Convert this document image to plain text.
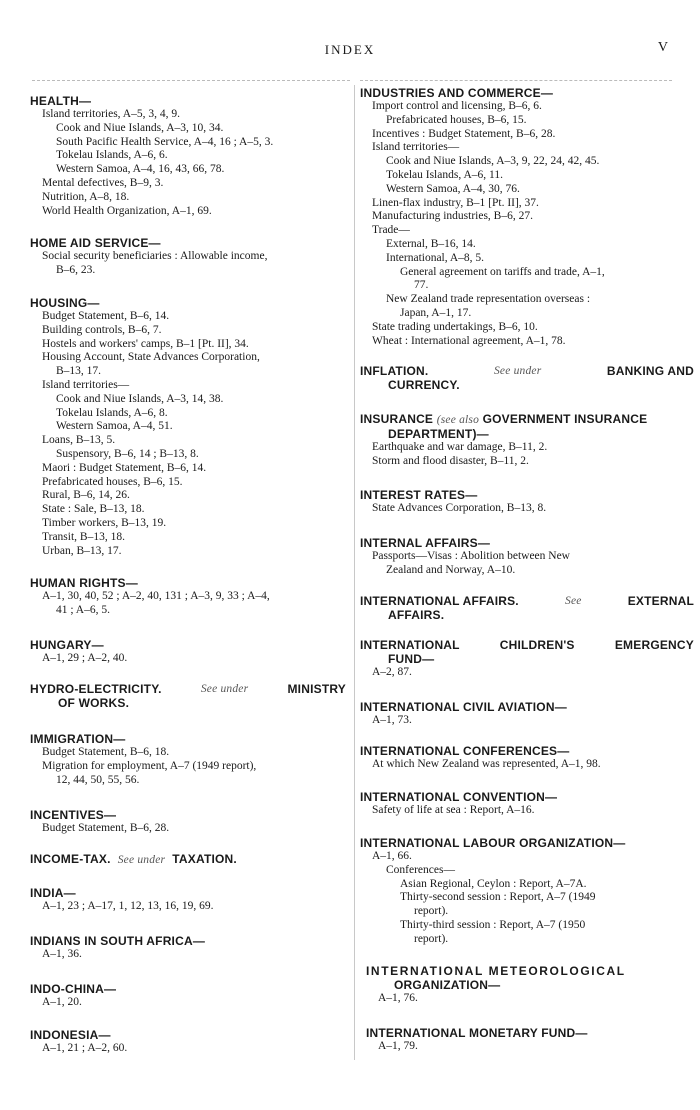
INDEX	V
HEALTH—
Island territories, A–5, 3, 4, 9.
Cook and Niue Islands, A–3, 10, 34.
South Pacific Health Service, A–4, 16 ; A–5, 3.
Tokelau Islands, A–6, 6.
Western Samoa, A–4, 16, 43, 66, 78.
Mental defectives, B–9, 3.
Nutrition, A–8, 18.
World Health Organization, A–1, 69.
HOME AID SERVICE—
Social security beneficiaries : Allowable income,
B–6, 23.
HOUSING—
Budget Statement, B–6, 14.
Building controls, B–6, 7.
Hostels and workers' camps, B–1 [Pt. II], 34.
Housing Account, State Advances Corporation,
B–13, 17.
Island territories—
Cook and Niue Islands, A–3, 14, 38.
Tokelau Islands, A–6, 8.
Western Samoa, A–4, 51.
Loans, B–13, 5.
Suspensory, B–6, 14 ; B–13, 8.
Maori : Budget Statement, B–6, 14.
Prefabricated houses, B–6, 15.
Rural, B–6, 14, 26.
State : Sale, B–13, 18.
Timber workers, B–13, 19.
Transit, B–13, 18.
Urban, B–13, 17.
HUMAN RIGHTS—
A–1, 30, 40, 52 ; A–2, 40, 131 ; A–3, 9, 33 ; A–4,
41 ; A–6, 5.
HUNGARY—
A–1, 29 ; A–2, 40.
HYDRO-ELECTRICITY.	See under	MINISTRY
OF WORKS.
IMMIGRATION—
Budget Statement, B–6, 18.
Migration for employment, A–7 (1949 report),
12, 44, 50, 55, 56.
INCENTIVES—
Budget Statement, B–6, 28.
INCOME-TAX. See under TAXATION.
INDIA—
A–1, 23 ; A–17, 1, 12, 13, 16, 19, 69.
INDIANS IN SOUTH AFRICA—
A–1, 36.
INDO-CHINA—
A–1, 20.
INDONESIA—
A–1, 21 ; A–2, 60.
INDUSTRIES AND COMMERCE—
Import control and licensing, B–6, 6.
Prefabricated houses, B–6, 15.
Incentives : Budget Statement, B–6, 28.
Island territories—
Cook and Niue Islands, A–3, 9, 22, 24, 42, 45.
Tokelau Islands, A–6, 11.
Western Samoa, A–4, 30, 76.
Linen-flax industry, B–1 [Pt. II], 37.
Manufacturing industries, B–6, 27.
Trade—
External, B–16, 14.
International, A–8, 5.
General agreement on tariffs and trade, A–1,
77.
New Zealand trade representation overseas :
Japan, A–1, 17.
State trading undertakings, B–6, 10.
Wheat : International agreement, A–1, 78.
INFLATION.	See under	BANKING AND
CURRENCY.
INSURANCE (see also GOVERNMENT INSURANCE
DEPARTMENT)—
Earthquake and war damage, B–11, 2.
Storm and flood disaster, B–11, 2.
INTEREST RATES—
State Advances Corporation, B–13, 8.
INTERNAL AFFAIRS—
Passports—Visas : Abolition between New
Zealand and Norway, A–10.
INTERNATIONAL AFFAIRS.	See	EXTERNAL
AFFAIRS.
INTERNATIONAL CHILDREN'S EMERGENCY
FUND—
A–2, 87.
INTERNATIONAL CIVIL AVIATION—
A–1, 73.
INTERNATIONAL CONFERENCES—
At which New Zealand was represented, A–1, 98.
INTERNATIONAL CONVENTION—
Safety of life at sea : Report, A–16.
INTERNATIONAL LABOUR ORGANIZATION—
A–1, 66.
Conferences—
Asian Regional, Ceylon : Report, A–7A.
Thirty-second session : Report, A–7 (1949
report).
Thirty-third session : Report, A–7 (1950
report).
INTERNATIONAL METEOROLOGICAL
ORGANIZATION—
A–1, 76.
INTERNATIONAL MONETARY FUND—
A–1, 79.
